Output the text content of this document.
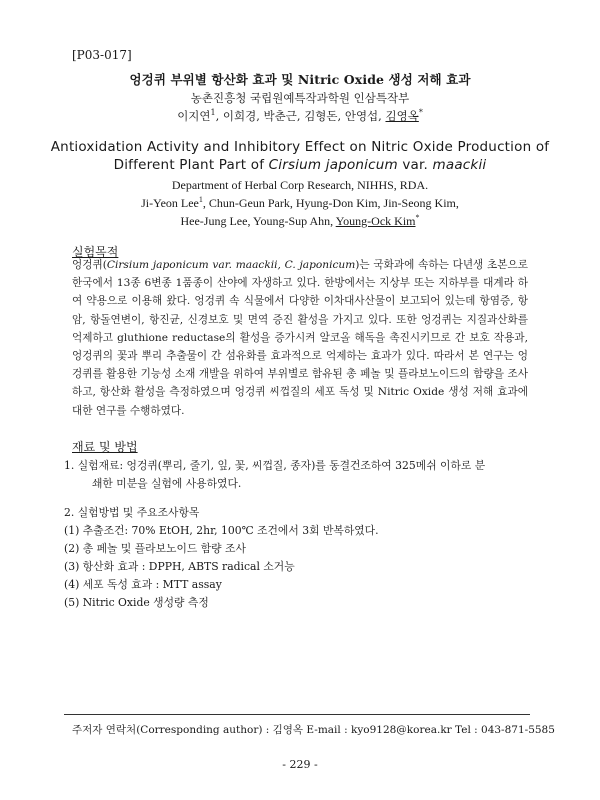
[P03-017]
엉겅퀴 부위별 항산화 효과 및 Nitric Oxide 생성 저해 효과
농촌진흥청 국립원예특작과학원 인삼특작부
이지연$^1$, 이희경, 박춘근, 김형돈, 안영섭, 김영옥*
Antioxidation Activity and Inhibitory Effect on Nitric Oxide Production of
Different Plant Part of Cirsium japonicum var. maackii
Department of Herbal Corp Research, NIHHS, RDA.
Ji-Yeon Lee$^1$, Chun-Geun Park, Hyung-Don Kim, Jin-Seong Kim,
Hee-Jung Lee, Young-Sup Ahn, Young-Ock Kim*
실험목적
엉겅퀴(Cirsium japonicum var. maackii, C. japonicum)는 국화과에 속하는 다년생 초본으로 한국에서 13종 6변종 1품종이 산야에 자생하고 있다. 한방에서는 지상부 또는 지하부를 대계라 하여 약용으로 이용해 왔다. 엉겅퀴 속 식물에서 다양한 이차대사산물이 보고되어 있는데 항염증, 항암, 항돌연변이, 항진균, 신경보호 및 면역 증진 활성을 가지고 있다. 또한 엉겅퀴는 지질과산화를 억제하고 gluthione reductase의 활성을 증가시켜 알코올 해독을 촉진시키므로 간 보호 작용과, 엉겅퀴의 꽃과 뿌리 추출물이 간 섬유화를 효과적으로 억제하는 효과가 있다. 따라서 본 연구는 엉겅퀴를 활용한 기능성 소재 개발을 위하여 부위별로 함유된 총 페놀 및 플라보노이드의 함량을 조사하고, 항산화 활성을 측정하였으며 엉겅퀴 씨껍질의 세포 독성 및 Nitric Oxide 생성 저해 효과에 대한 연구를 수행하였다.
재료 및 방법
1. 실험재료: 엉겅퀴(뿌리, 줄기, 잎, 꽃, 씨껍질, 종자)를 동결건조하여 325메쉬 이하로 분
쇄한 미분을 실험에 사용하였다.
2. 실험방법 및 주요조사항목
(1) 추출조건: 70% EtOH, 2hr, 100℃ 조건에서 3회 반복하였다.
(2) 총 페놀 및 플라보노이드 함량 조사
(3) 항산화 효과 : DPPH, ABTS radical 소거능
(4) 세포 독성 효과 : MTT assay
(5) Nitric Oxide 생성량 측정
주저자 연락처(Corresponding author) : 김영옥 E-mail : kyo9128@korea.kr Tel : 043-871-5585
- 229 -
